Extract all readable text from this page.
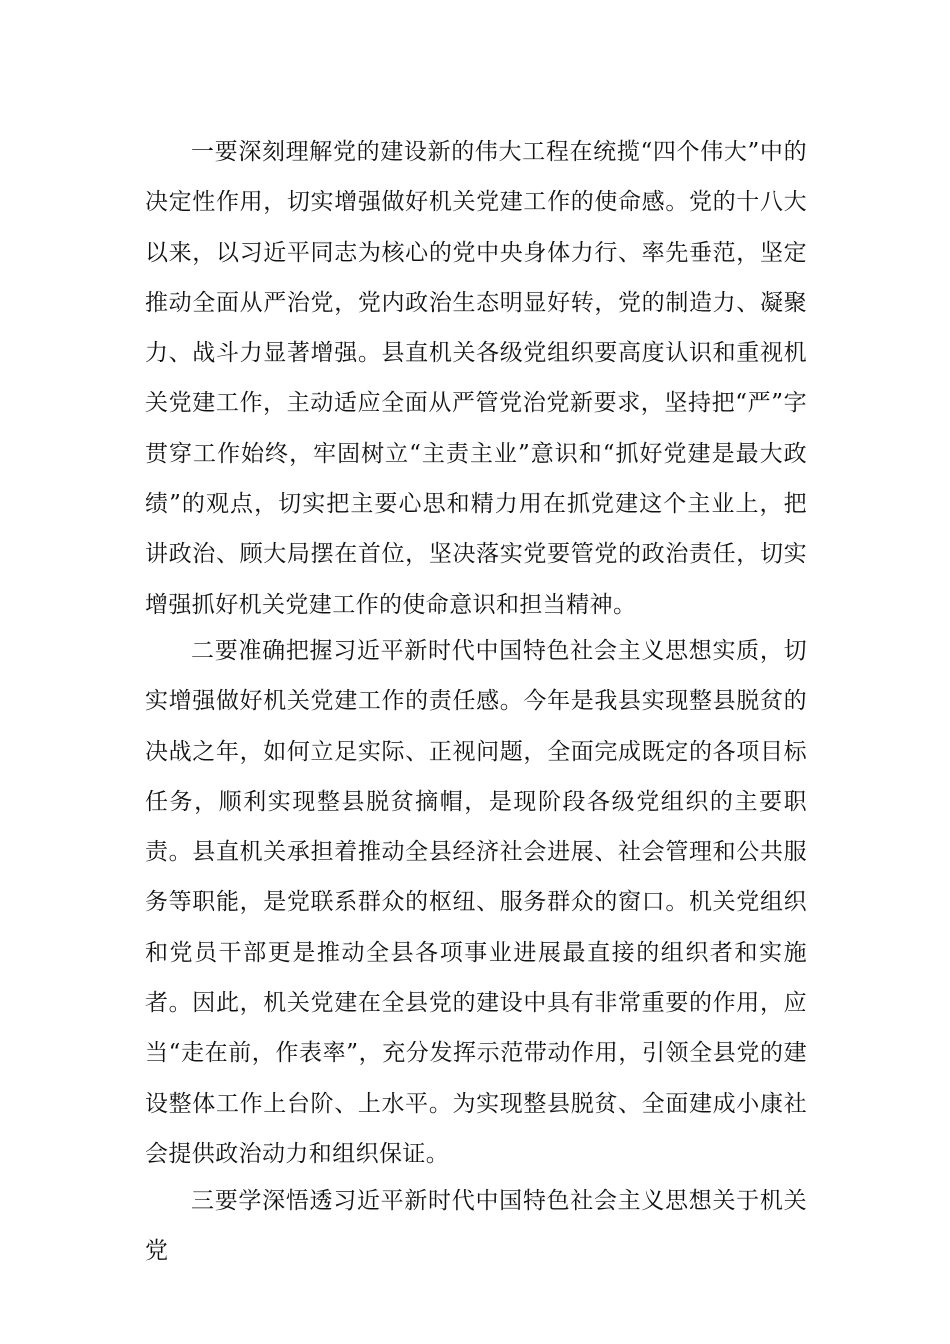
一要深刻理解党的建设新的伟大工程在统揽“四个伟大”中的决定性作用，切实增强做好机关党建工作的使命感。党的十八大以来，以习近平同志为核心的党中央身体力行、率先垂范，坚定推动全面从严治党，党内政治生态明显好转，党的制造力、凝聚力、战斗力显著增强。县直机关各级党组织要高度认识和重视机关党建工作，主动适应全面从严管党治党新要求，坚持把“严”字贯穿工作始终，牢固树立“主责主业”意识和“抓好党建是最大政绩”的观点，切实把主要心思和精力用在抓党建这个主业上，把讲政治、顾大局摆在首位，坚决落实党要管党的政治责任，切实增强抓好机关党建工作的使命意识和担当精神。

二要准确把握习近平新时代中国特色社会主义思想实质，切实增强做好机关党建工作的责任感。今年是我县实现整县脱贫的决战之年，如何立足实际、正视问题，全面完成既定的各项目标任务，顺利实现整县脱贫摘帽，是现阶段各级党组织的主要职责。县直机关承担着推动全县经济社会进展、社会管理和公共服务等职能，是党联系群众的枢纽、服务群众的窗口。机关党组织和党员干部更是推动全县各项事业进展最直接的组织者和实施者。因此，机关党建在全县党的建设中具有非常重要的作用，应当“走在前，作表率”，充分发挥示范带动作用，引领全县党的建设整体工作上台阶、上水平。为实现整县脱贫、全面建成小康社会提供政治动力和组织保证。

三要学深悟透习近平新时代中国特色社会主义思想关于机关党
